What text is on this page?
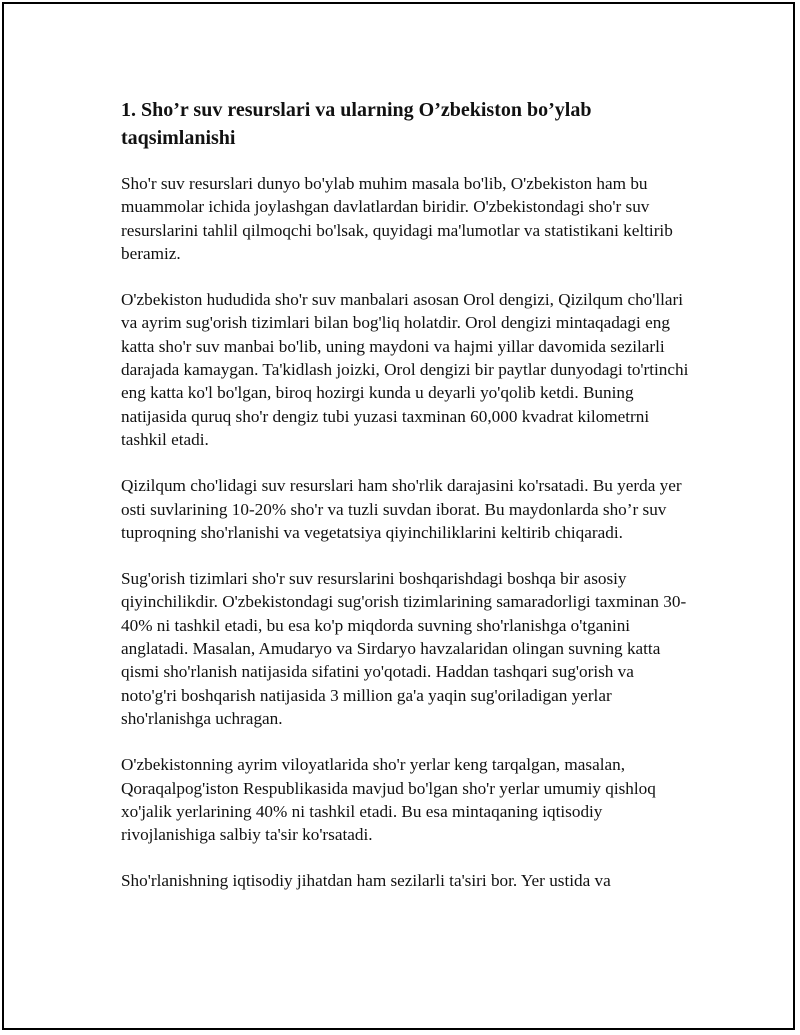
1. Sho’r suv resurslari va ularning O’zbekiston bo’ylab taqsimlanishi

Sho'r suv resurslari dunyo bo'ylab muhim masala bo'lib, O'zbekiston ham bu muammolar ichida joylashgan davlatlardan biridir. O'zbekistondagi sho'r suv resurslarini tahlil qilmoqchi bo'lsak, quyidagi ma'lumotlar va statistikani keltirib beramiz.

O'zbekiston hududida sho'r suv manbalari asosan Orol dengizi, Qizilqum cho'llari va ayrim sug'orish tizimlari bilan bog'liq holatdir. Orol dengizi mintaqadagi eng katta sho'r suv manbai bo'lib, uning maydoni va hajmi yillar davomida sezilarli darajada kamaygan. Ta'kidlash joizki, Orol dengizi bir paytlar dunyodagi to'rtinchi eng katta ko'l bo'lgan, biroq hozirgi kunda u deyarli yo'qolib ketdi. Buning natijasida quruq sho'r dengiz tubi yuzasi taxminan 60,000 kvadrat kilometrni tashkil etadi.

Qizilqum cho'lidagi suv resurslari ham sho'rlik darajasini ko'rsatadi. Bu yerda yer osti suvlarining 10-20% sho'r va tuzli suvdan iborat. Bu maydonlarda sho’r suv tuproqning sho'rlanishi va vegetatsiya qiyinchiliklarini keltirib chiqaradi.

Sug'orish tizimlari sho'r suv resurslarini boshqarishdagi boshqa bir asosiy qiyinchilikdir. O'zbekistondagi sug'orish tizimlarining samaradorligi taxminan 30-40% ni tashkil etadi, bu esa ko'p miqdorda suvning sho'rlanishga o'tganini anglatadi. Masalan, Amudaryo va Sirdaryo havzalaridan olingan suvning katta qismi sho'rlanish natijasida sifatini yo'qotadi. Haddan tashqari sug'orish va noto'g'ri boshqarish natijasida 3 million ga'a yaqin sug'oriladigan yerlar sho'rlanishga uchragan.

O'zbekistonning ayrim viloyatlarida sho'r yerlar keng tarqalgan, masalan, Qoraqalpog'iston Respublikasida mavjud bo'lgan sho'r yerlar umumiy qishloq xo'jalik yerlarining 40% ni tashkil etadi. Bu esa mintaqaning iqtisodiy rivojlanishiga salbiy ta'sir ko'rsatadi.

Sho'rlanishning iqtisodiy jihatdan ham sezilarli ta'siri bor. Yer ustida va
